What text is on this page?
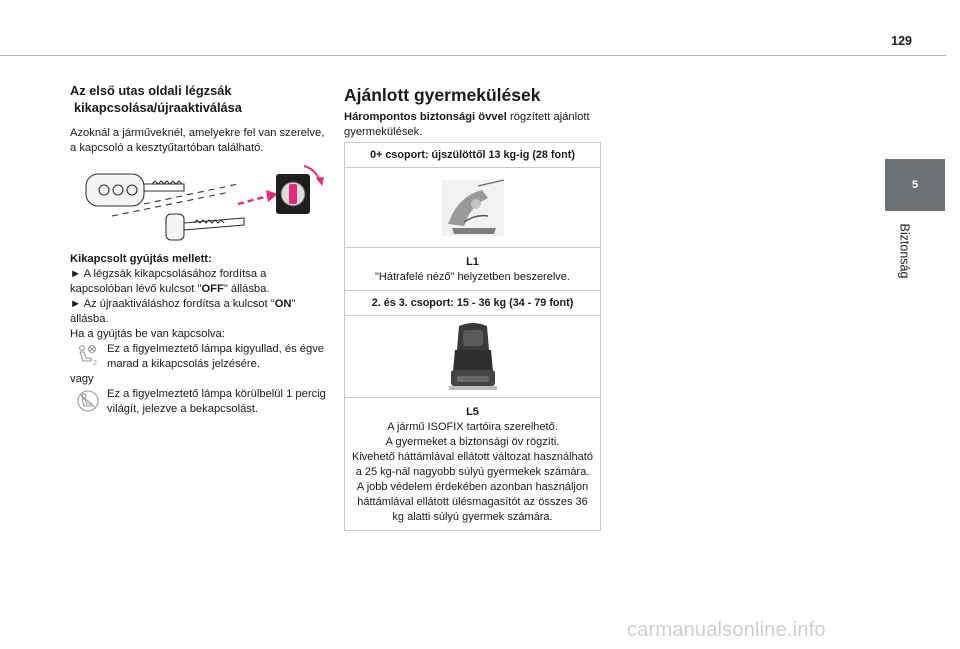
129
5
Biztonság
Az első utas oldali légzsák
kikapcsolása/újraaktiválása

Azoknál a járműveknél, amelyekre fel van szerelve, a kapcsoló a kesztyűtartóban található.

Kikapcsolt gyújtás mellett:

► A légzsák kikapcsolásához fordítsa a kapcsolóban lévő kulcsot "OFF" állásba.

► Az újraaktiváláshoz fordítsa a kulcsot "ON" állásba.

Ha a gyújtás be van kapcsolva:

2

Ez a figyelmeztető lámpa kigyullad, és égve marad a kikapcsolás jelzésére.

vagy

Ez a figyelmeztető lámpa körülbelül 1 percig világít, jelezve a bekapcsolást.

Ajánlott gyermekülések

Hárompontos biztonsági övvel rögzített ajánlott gyermekülések.

0+ csoport: újszülöttől 13 kg-ig (28 font)
L1
"Hátrafelé néző" helyzetben beszerelve.
2. és 3. csoport: 15 - 36 kg (34 - 79 font)
L5
A jármű ISOFIX tartóira szerelhető.
A gyermeket a biztonsági öv rögzíti.
Kivehető háttámlával ellátott változat használható a 25 kg-nál nagyobb súlyú gyermekek számára. A jobb védelem érdekében azonban használjon háttámlával ellátott ülésmagasítót az összes 36 kg alatti súlyú gyermek számára.
carmanualsonline.info
